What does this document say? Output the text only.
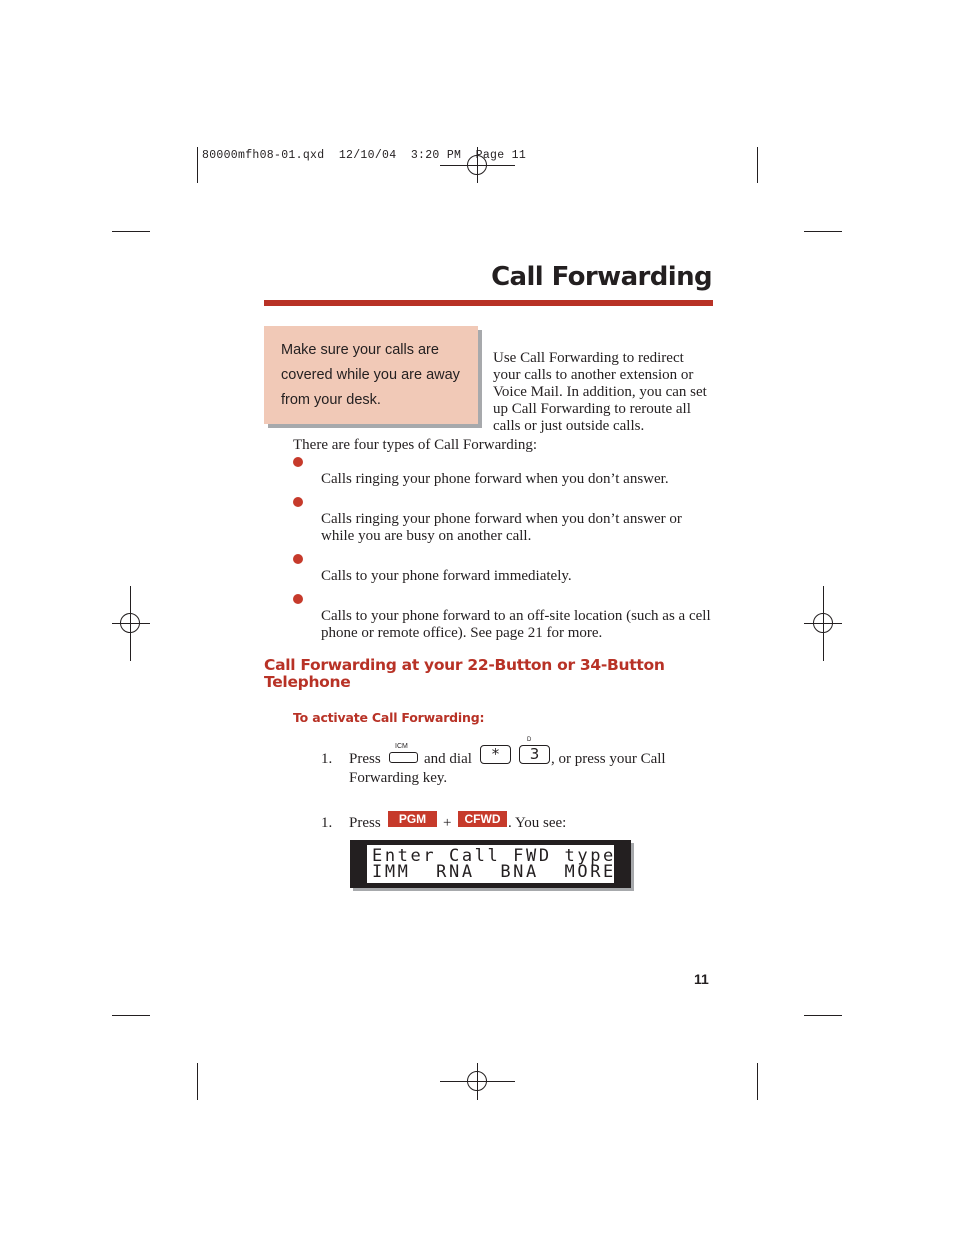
80000mfh08-01.qxd  12/10/04  3:20 PM  Page 11
Call Forwarding
Make sure your calls are covered while you are away from your desk.
Use Call Forwarding to redirect your calls to another extension or Voice Mail. In addition, you can set up Call Forwarding to reroute all calls or just outside calls.
There are four types of Call Forwarding:
Calls ringing your phone forward when you don’t answer.
Calls ringing your phone forward when you don’t answer or while you are busy on another call.
Calls to your phone forward immediately.
Calls to your phone forward to an off-site location (such as a cell phone or remote office). See page 21 for more.
Call Forwarding at your 22-Button or 34-Button Telephone
To activate Call Forwarding:
1. Press
ICM
and dial	*
D
3 , or press your Call
Forwarding key.
1. Press	PGM	+	CFWD . You see:
Enter Call FWD type
IMM  RNA  BNA  MORE
11
